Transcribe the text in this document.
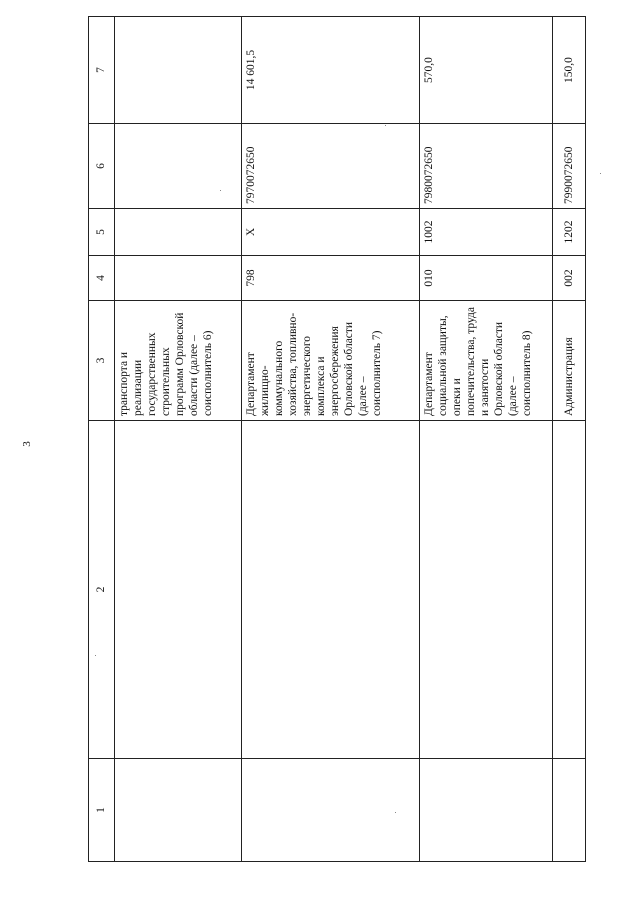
3
1	2	3	4	5	6	7
		транспорта и реализации государственных строительных программ Орловской области (далее – соисполнитель 6)				
		Департамент жилищно-коммунального хозяйства, топливно-энергетического комплекса и энергосбережения Орловской области (далее – соисполнитель 7)	798	X	7970072650	14 601,5
		Департамент социальной защиты, опеки и попечительства, труда и занятости Орловской области (далее – соисполнитель 8)	010	1002	7980072650	570,0
		Администрация	002	1202	7990072650	150,0
